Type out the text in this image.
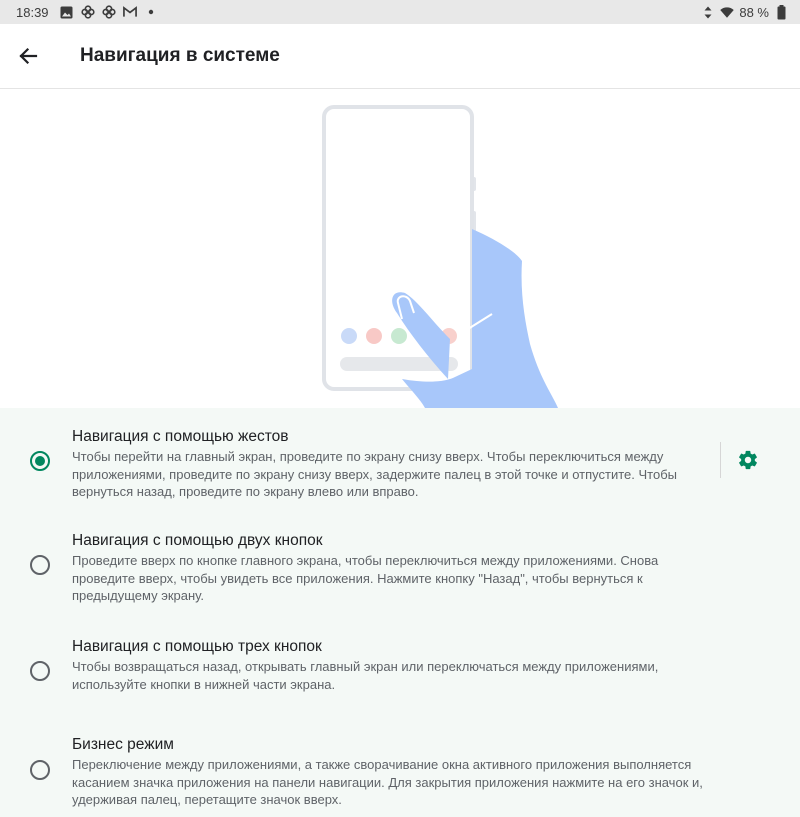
18:39	88 %
Навигация в системе
Навигация с помощью жестов
Чтобы перейти на главный экран, проведите по экрану снизу вверх. Чтобы переключиться между приложениями, проведите по экрану снизу вверх, задержите палец в этой точке и отпустите. Чтобы вернуться назад, проведите по экрану влево или вправо.
Навигация с помощью двух кнопок
Проведите вверх по кнопке главного экрана, чтобы переключиться между приложениями. Снова проведите вверх, чтобы увидеть все приложения. Нажмите кнопку "Назад", чтобы вернуться к предыдущему экрану.
Навигация с помощью трех кнопок
Чтобы возвращаться назад, открывать главный экран или переключаться между приложениями, используйте кнопки в нижней части экрана.
Бизнес режим
Переключение между приложениями, а также сворачивание окна активного приложения выполняется касанием значка приложения на панели навигации. Для закрытия приложения нажмите на его значок и, удерживая палец, перетащите значок вверх.
